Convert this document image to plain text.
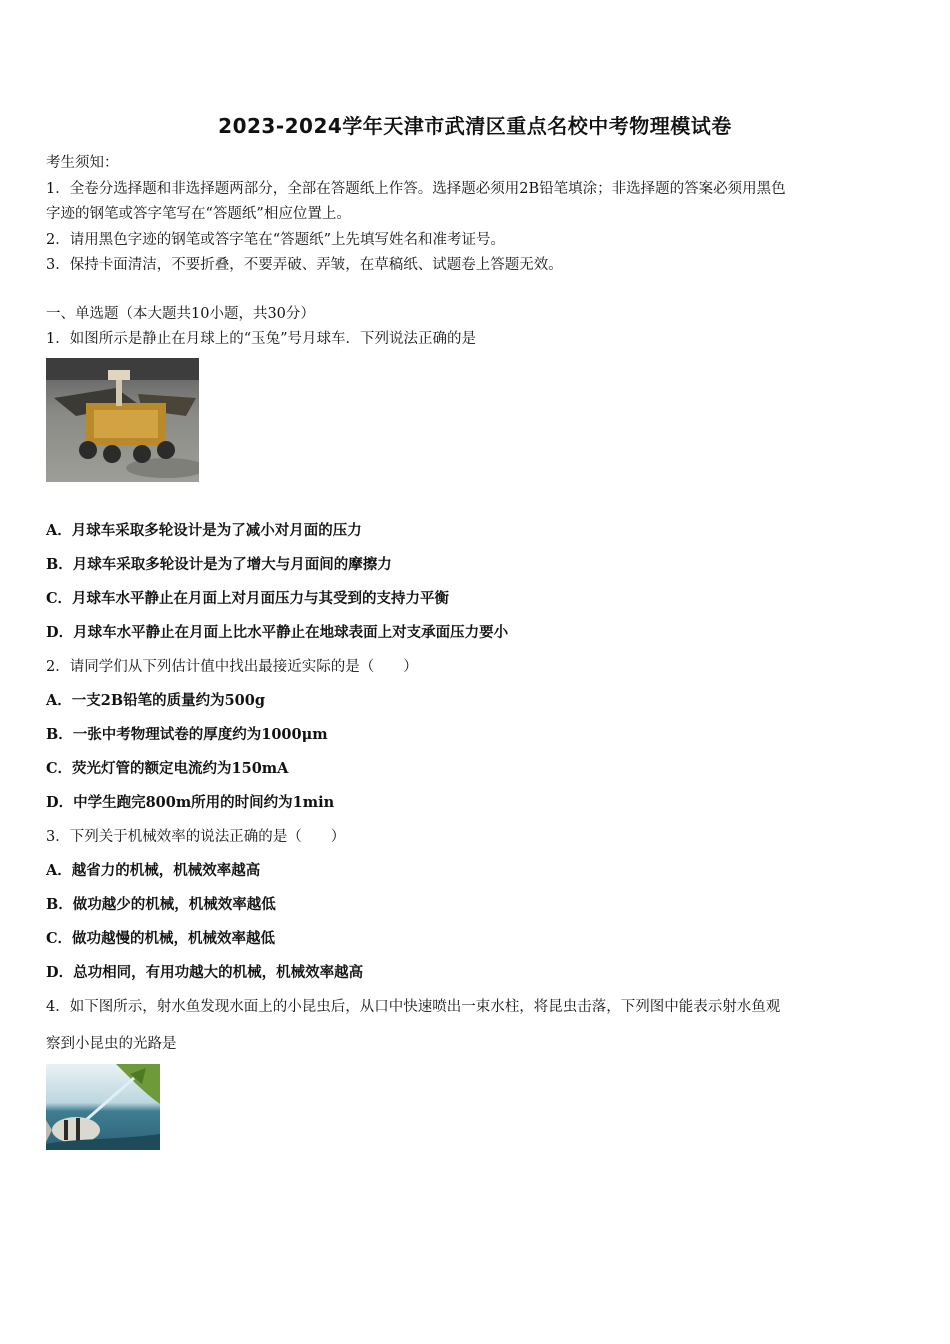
2023-2024学年天津市武清区重点名校中考物理模试卷
考生须知：
1．全卷分选择题和非选择题两部分，全部在答题纸上作答。选择题必须用2B铅笔填涂；非选择题的答案必须用黑色
字迹的钢笔或答字笔写在“答题纸”相应位置上。
2．请用黑色字迹的钢笔或答字笔在“答题纸”上先填写姓名和准考证号。
3．保持卡面清洁，不要折叠，不要弄破、弄皱，在草稿纸、试题卷上答题无效。
一、单选题（本大题共10小题，共30分）
1．如图所示是静止在月球上的“玉兔”号月球车．下列说法正确的是
A．月球车采取多轮设计是为了减小对月面的压力
B．月球车采取多轮设计是为了增大与月面间的摩擦力
C．月球车水平静止在月面上对月面压力与其受到的支持力平衡
D．月球车水平静止在月面上比水平静止在地球表面上对支承面压力要小
2．请同学们从下列估计值中找出最接近实际的是（　　）
A．一支2B铅笔的质量约为500g
B．一张中考物理试卷的厚度约为1000μm
C．荧光灯管的额定电流约为150mA
D．中学生跑完800m所用的时间约为1min
3．下列关于机械效率的说法正确的是（　　）
A．越省力的机械，机械效率越高
B．做功越少的机械，机械效率越低
C．做功越慢的机械，机械效率越低
D．总功相同，有用功越大的机械，机械效率越高
4．如下图所示，射水鱼发现水面上的小昆虫后，从口中快速喷出一束水柱，将昆虫击落，下列图中能表示射水鱼观
察到小昆虫的光路是
